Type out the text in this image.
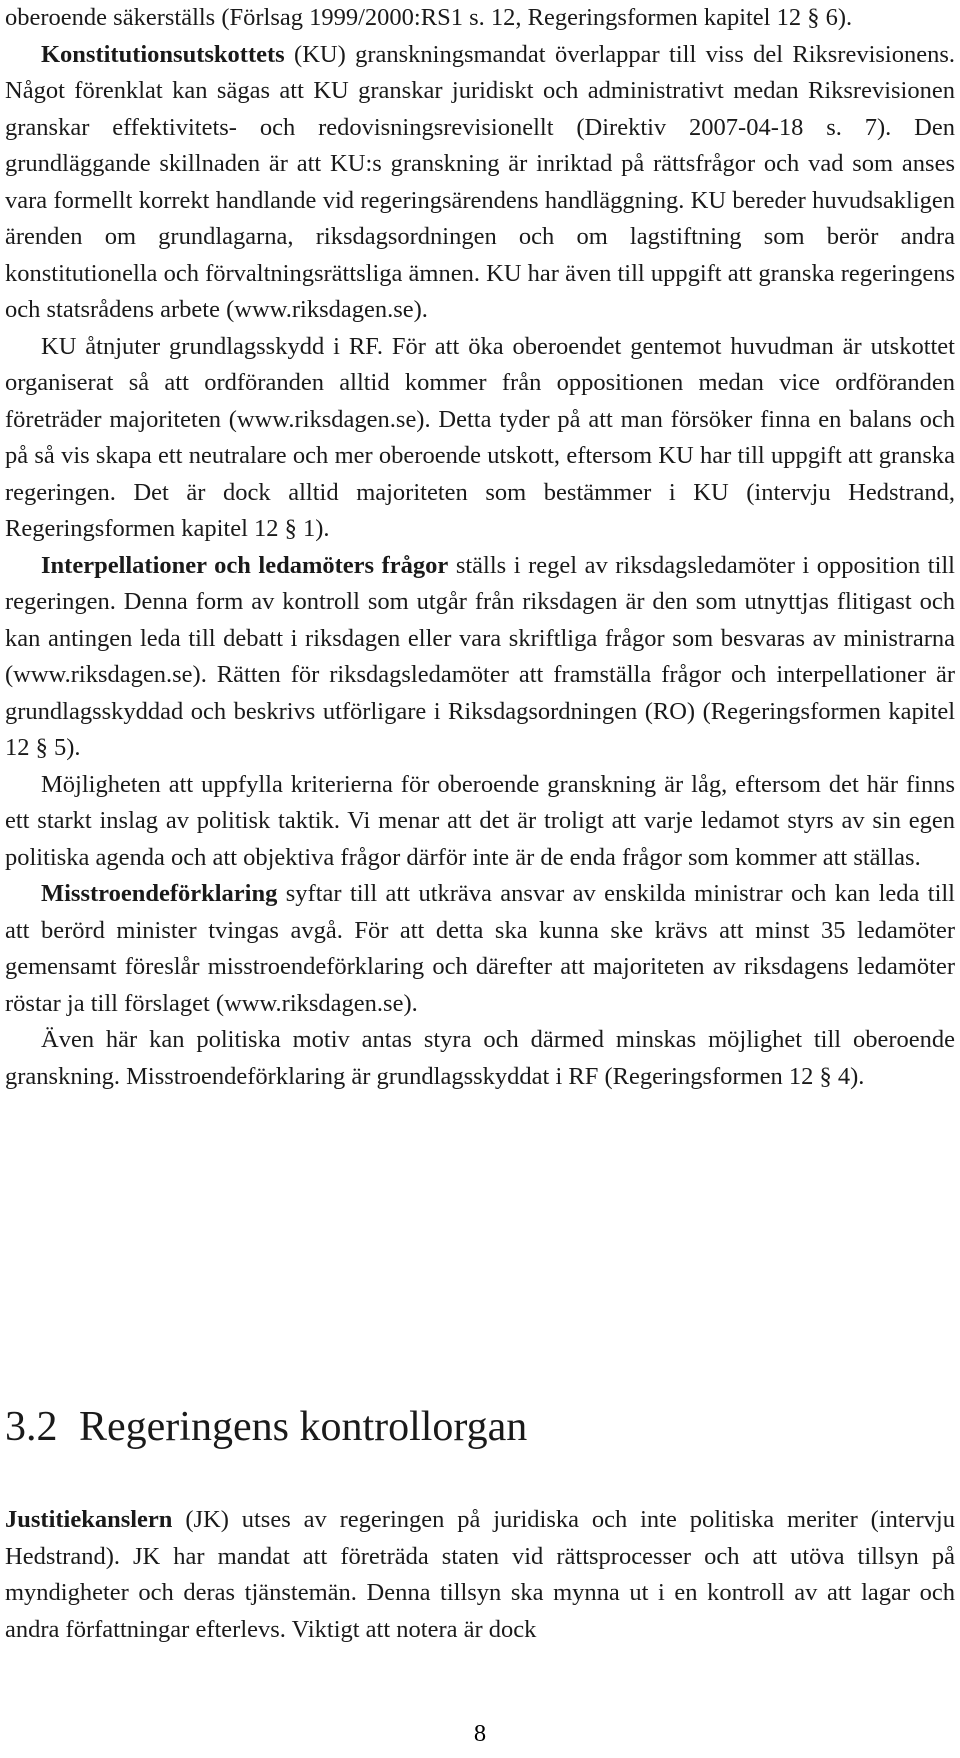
oberoende säkerställs (Förlsag 1999/2000:RS1 s. 12, Regeringsformen kapitel 12 § 6).

Konstitutionsutskottets (KU) granskningsmandat överlappar till viss del Riksrevisionens. Något förenklat kan sägas att KU granskar juridiskt och administrativt medan Riksrevisionen granskar effektivitets- och redovisningsrevisionellt (Direktiv 2007-04-18 s. 7). Den grundläggande skillnaden är att KU:s granskning är inriktad på rättsfrågor och vad som anses vara formellt korrekt handlande vid regeringsärendens handläggning. KU bereder huvudsakligen ärenden om grundlagarna, riksdagsordningen och om lagstiftning som berör andra konstitutionella och förvaltningsrättsliga ämnen. KU har även till uppgift att granska regeringens och statsrådens arbete (www.riksdagen.se).

KU åtnjuter grundlagsskydd i RF. För att öka oberoendet gentemot huvudman är utskottet organiserat så att ordföranden alltid kommer från oppositionen medan vice ordföranden företräder majoriteten (www.riksdagen.se). Detta tyder på att man försöker finna en balans och på så vis skapa ett neutralare och mer oberoende utskott, eftersom KU har till uppgift att granska regeringen. Det är dock alltid majoriteten som bestämmer i KU (intervju Hedstrand, Regeringsformen kapitel 12 § 1).

Interpellationer och ledamöters frågor ställs i regel av riksdagsledamöter i opposition till regeringen. Denna form av kontroll som utgår från riksdagen är den som utnyttjas flitigast och kan antingen leda till debatt i riksdagen eller vara skriftliga frågor som besvaras av ministrarna (www.riksdagen.se). Rätten för riksdagsledamöter att framställa frågor och interpellationer är grundlagsskyddad och beskrivs utförligare i Riksdagsordningen (RO) (Regeringsformen kapitel 12 § 5).

Möjligheten att uppfylla kriterierna för oberoende granskning är låg, eftersom det här finns ett starkt inslag av politisk taktik. Vi menar att det är troligt att varje ledamot styrs av sin egen politiska agenda och att objektiva frågor därför inte är de enda frågor som kommer att ställas.

Misstroendeförklaring syftar till att utkräva ansvar av enskilda ministrar och kan leda till att berörd minister tvingas avgå. För att detta ska kunna ske krävs att minst 35 ledamöter gemensamt föreslår misstroendeförklaring och därefter att majoriteten av riksdagens ledamöter röstar ja till förslaget (www.riksdagen.se).

Även här kan politiska motiv antas styra och därmed minskas möjlighet till oberoende granskning. Misstroendeförklaring är grundlagsskyddat i RF (Regeringsformen 12 § 4).

3.2 Regeringens kontrollorgan

Justitiekanslern (JK) utses av regeringen på juridiska och inte politiska meriter (intervju Hedstrand). JK har mandat att företräda staten vid rättsprocesser och att utöva tillsyn på myndigheter och deras tjänstemän. Denna tillsyn ska mynna ut i en kontroll av att lagar och andra författningar efterlevs. Viktigt att notera är dock

8
